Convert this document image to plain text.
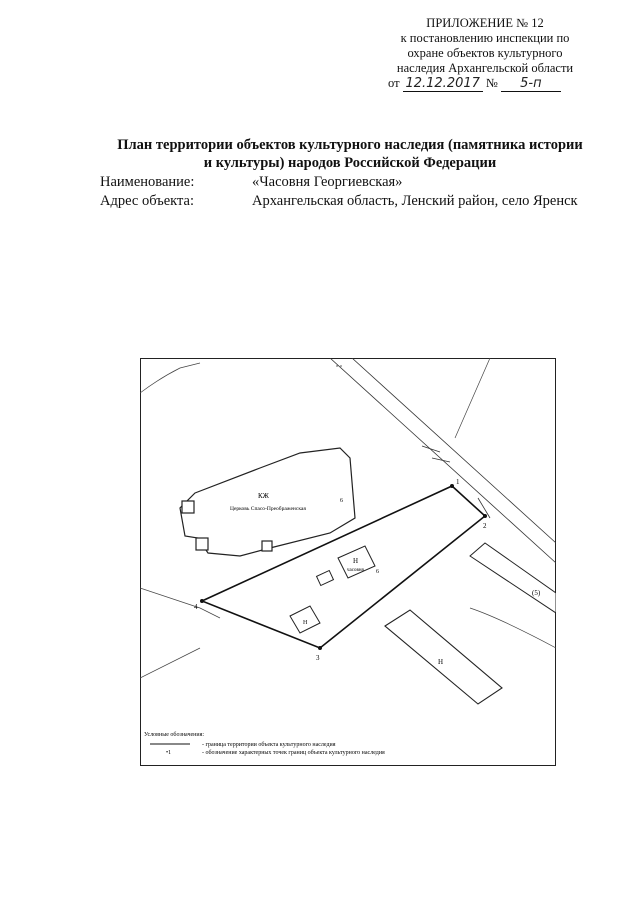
ПРИЛОЖЕНИЕ № 12
к постановлению инспекции по
охране объектов культурного
наследия Архангельской области
от 12.12.2017 № 5-п
План территории объектов культурного наследия (памятника истории
и культуры) народов Российской Федерации
Наименование:	«Часовня Георгиевская»
Адрес объекта:	Архангельская область, Ленский район, село Яренск
КЖ
Церковь Спасо-Преображенская
6
1
2
3
4
Н
часовня 6
Н
Н
(5)
Условные обозначения:
- граница территории объекта культурного наследия
•1	- обозначение характерных точек границ объекта культурного наследия
